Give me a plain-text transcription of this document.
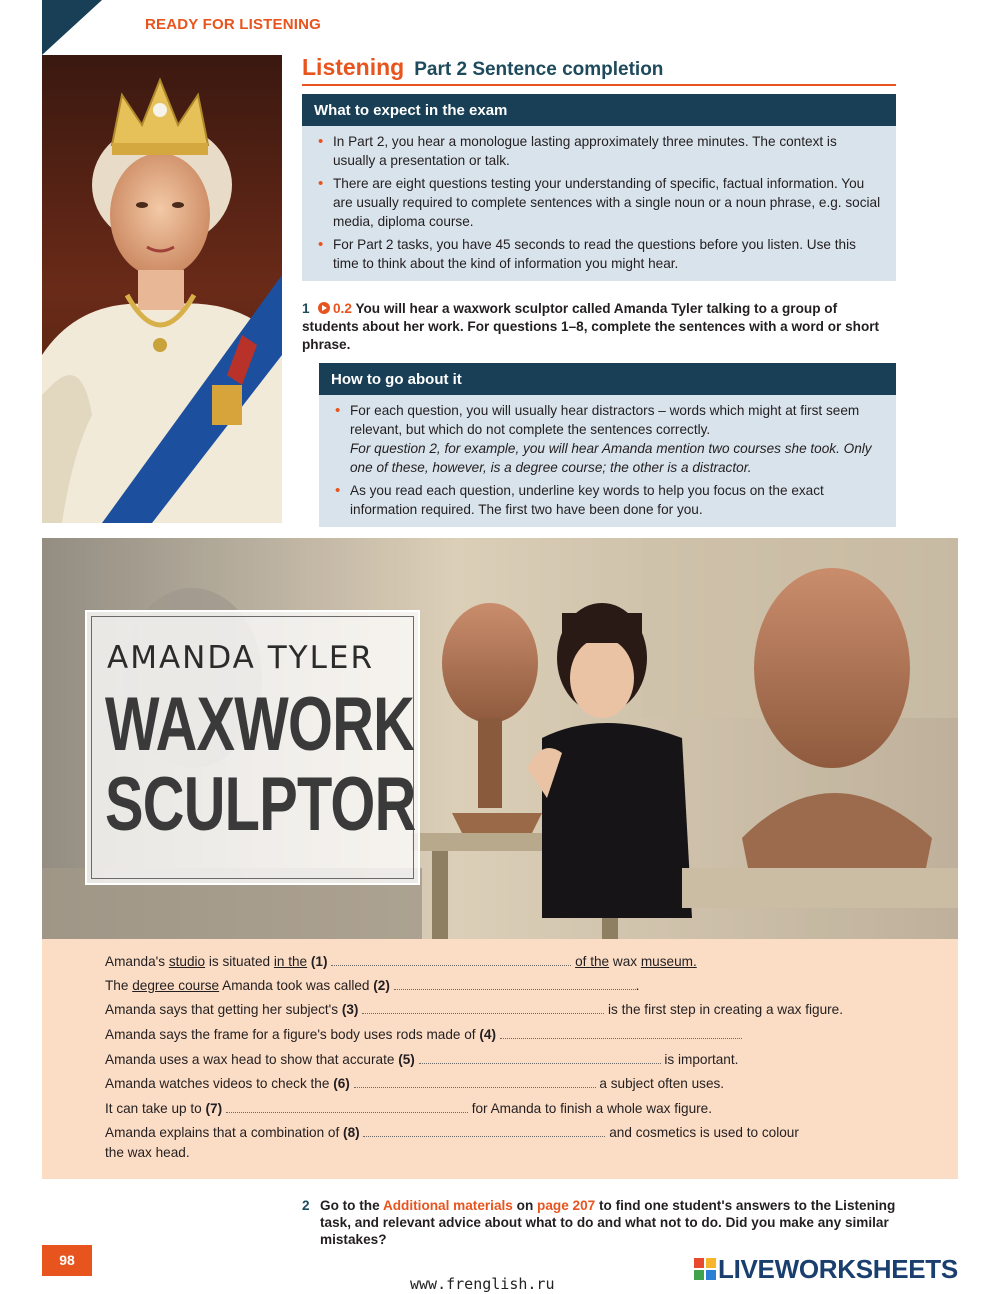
READY FOR LISTENING
Listening Part 2 Sentence completion
What to expect in the exam
• In Part 2, you hear a monologue lasting approximately three minutes. The context is usually a presentation or talk.
• There are eight questions testing your understanding of specific, factual information. You are usually required to complete sentences with a single noun or a noun phrase, e.g. social media, diploma course.
• For Part 2 tasks, you have 45 seconds to read the questions before you listen. Use this time to think about the kind of information you might hear.
1 0.2 You will hear a waxwork sculptor called Amanda Tyler talking to a group of students about her work. For questions 1–8, complete the sentences with a word or short phrase.
How to go about it
• For each question, you will usually hear distractors – words which might at first seem relevant, but which do not complete the sentences correctly.
For question 2, for example, you will hear Amanda mention two courses she took. Only one of these, however, is a degree course; the other is a distractor.
• As you read each question, underline key words to help you focus on the exact information required. The first two have been done for you.
AMANDA TYLER
WAXWORK
SCULPTOR
Amanda's studio is situated in the (1)	of the wax museum.
The degree course Amanda took was called (2)	.
Amanda says that getting her subject's (3)	is the first step in creating a wax figure.
Amanda says the frame for a figure's body uses rods made of (4)
Amanda uses a wax head to show that accurate (5)	is important.
Amanda watches videos to check the (6)	a subject often uses.
It can take up to (7)	for Amanda to finish a whole wax figure.
Amanda explains that a combination of (8)	and cosmetics is used to colour
the wax head.
2 Go to the Additional materials on page 207 to find one student's answers to the Listening task, and relevant advice about what to do and what not to do. Did you make any similar mistakes?
98
www.frenglish.ru	LIVEWORKSHEETS
